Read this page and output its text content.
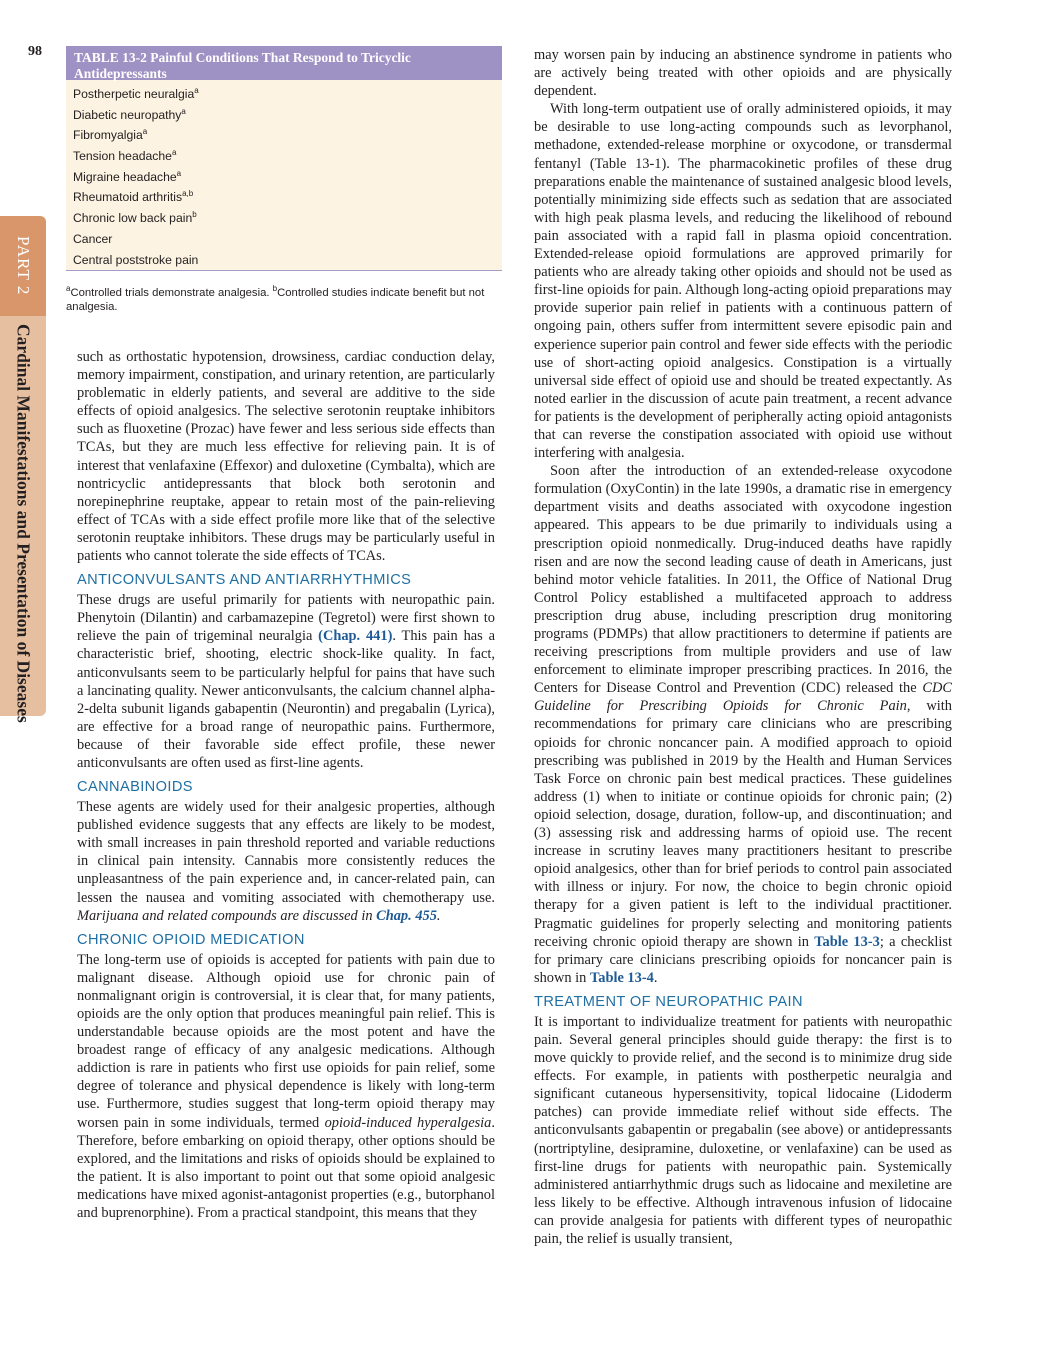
98
PART 2
Cardinal Manifestations and Presentation of Diseases
TABLE 13-2 Painful Conditions That Respond to Tricyclic Antidepressants
Postherpetic neuralgia$^a$
Diabetic neuropathy$^a$
Fibromyalgia$^a$
Tension headache$^a$
Migraine headache$^a$
Rheumatoid arthritis$^{a,b}$
Chronic low back pain$^b$
Cancer
Central poststroke pain
$^a$Controlled trials demonstrate analgesia. $^b$Controlled studies indicate benefit but not analgesia.

such as orthostatic hypotension, drowsiness, cardiac conduction delay, memory impairment, constipation, and urinary retention, are particularly problematic in elderly patients, and several are additive to the side effects of opioid analgesics. The selective serotonin reuptake inhibitors such as fluoxetine (Prozac) have fewer and less serious side effects than TCAs, but they are much less effective for relieving pain. It is of interest that venlafaxine (Effexor) and duloxetine (Cymbalta), which are nontricyclic antidepressants that block both serotonin and norepinephrine reuptake, appear to retain most of the pain-relieving effect of TCAs with a side effect profile more like that of the selective serotonin reuptake inhibitors. These drugs may be particularly useful in patients who cannot tolerate the side effects of TCAs.

ANTICONVULSANTS AND ANTIARRHYTHMICS

These drugs are useful primarily for patients with neuropathic pain. Phenytoin (Dilantin) and carbamazepine (Tegretol) were first shown to relieve the pain of trigeminal neuralgia (Chap. 441). This pain has a characteristic brief, shooting, electric shock-like quality. In fact, anticonvulsants seem to be particularly helpful for pains that have such a lancinating quality. Newer anticonvulsants, the calcium channel alpha-2-delta subunit ligands gabapentin (Neurontin) and pregabalin (Lyrica), are effective for a broad range of neuropathic pains. Furthermore, because of their favorable side effect profile, these newer anticonvulsants are often used as first-line agents.

CANNABINOIDS

These agents are widely used for their analgesic properties, although published evidence suggests that any effects are likely to be modest, with small increases in pain threshold reported and variable reductions in clinical pain intensity. Cannabis more consistently reduces the unpleasantness of the pain experience and, in cancer-related pain, can lessen the nausea and vomiting associated with chemotherapy use. Marijuana and related compounds are discussed in Chap. 455.

CHRONIC OPIOID MEDICATION

The long-term use of opioids is accepted for patients with pain due to malignant disease. Although opioid use for chronic pain of nonmalignant origin is controversial, it is clear that, for many patients, opioids are the only option that produces meaningful pain relief. This is understandable because opioids are the most potent and have the broadest range of efficacy of any analgesic medications. Although addiction is rare in patients who first use opioids for pain relief, some degree of tolerance and physical dependence is likely with long-term use. Furthermore, studies suggest that long-term opioid therapy may worsen pain in some individuals, termed opioid-induced hyperalgesia. Therefore, before embarking on opioid therapy, other options should be explored, and the limitations and risks of opioids should be explained to the patient. It is also important to point out that some opioid analgesic medications have mixed agonist-antagonist properties (e.g., butorphanol and buprenorphine). From a practical standpoint, this means that they

may worsen pain by inducing an abstinence syndrome in patients who are actively being treated with other opioids and are physically dependent.

With long-term outpatient use of orally administered opioids, it may be desirable to use long-acting compounds such as levorphanol, methadone, extended-release morphine or oxycodone, or transdermal fentanyl (Table 13-1). The pharmacokinetic profiles of these drug preparations enable the maintenance of sustained analgesic blood levels, potentially minimizing side effects such as sedation that are associated with high peak plasma levels, and reducing the likelihood of rebound pain associated with a rapid fall in plasma opioid concentration. Extended-release opioid formulations are approved primarily for patients who are already taking other opioids and should not be used as first-line opioids for pain. Although long-acting opioid preparations may provide superior pain relief in patients with a continuous pattern of ongoing pain, others suffer from intermittent severe episodic pain and experience superior pain control and fewer side effects with the periodic use of short-acting opioid analgesics. Constipation is a virtually universal side effect of opioid use and should be treated expectantly. As noted earlier in the discussion of acute pain treatment, a recent advance for patients is the development of peripherally acting opioid antagonists that can reverse the constipation associated with opioid use without interfering with analgesia.

Soon after the introduction of an extended-release oxycodone formulation (OxyContin) in the late 1990s, a dramatic rise in emergency department visits and deaths associated with oxycodone ingestion appeared. This appears to be due primarily to individuals using a prescription opioid nonmedically. Drug-induced deaths have rapidly risen and are now the second leading cause of death in Americans, just behind motor vehicle fatalities. In 2011, the Office of National Drug Control Policy established a multifaceted approach to address prescription drug abuse, including prescription drug monitoring programs (PDMPs) that allow practitioners to determine if patients are receiving prescriptions from multiple providers and use of law enforcement to eliminate improper prescribing practices. In 2016, the Centers for Disease Control and Prevention (CDC) released the CDC Guideline for Prescribing Opioids for Chronic Pain, with recommendations for primary care clinicians who are prescribing opioids for chronic noncancer pain. A modified approach to opioid prescribing was published in 2019 by the Health and Human Services Task Force on chronic pain best medical practices. These guidelines address (1) when to initiate or continue opioids for chronic pain; (2) opioid selection, dosage, duration, follow-up, and discontinuation; and (3) assessing risk and addressing harms of opioid use. The recent increase in scrutiny leaves many practitioners hesitant to prescribe opioid analgesics, other than for brief periods to control pain associated with illness or injury. For now, the choice to begin chronic opioid therapy for a given patient is left to the individual practitioner. Pragmatic guidelines for properly selecting and monitoring patients receiving chronic opioid therapy are shown in Table 13-3; a checklist for primary care clinicians prescribing opioids for noncancer pain is shown in Table 13-4.

TREATMENT OF NEUROPATHIC PAIN

It is important to individualize treatment for patients with neuropathic pain. Several general principles should guide therapy: the first is to move quickly to provide relief, and the second is to minimize drug side effects. For example, in patients with postherpetic neuralgia and significant cutaneous hypersensitivity, topical lidocaine (Lidoderm patches) can provide immediate relief without side effects. The anticonvulsants gabapentin or pregabalin (see above) or antidepressants (nortriptyline, desipramine, duloxetine, or venlafaxine) can be used as first-line drugs for patients with neuropathic pain. Systemically administered antiarrhythmic drugs such as lidocaine and mexiletine are less likely to be effective. Although intravenous infusion of lidocaine can provide analgesia for patients with different types of neuropathic pain, the relief is usually transient,
